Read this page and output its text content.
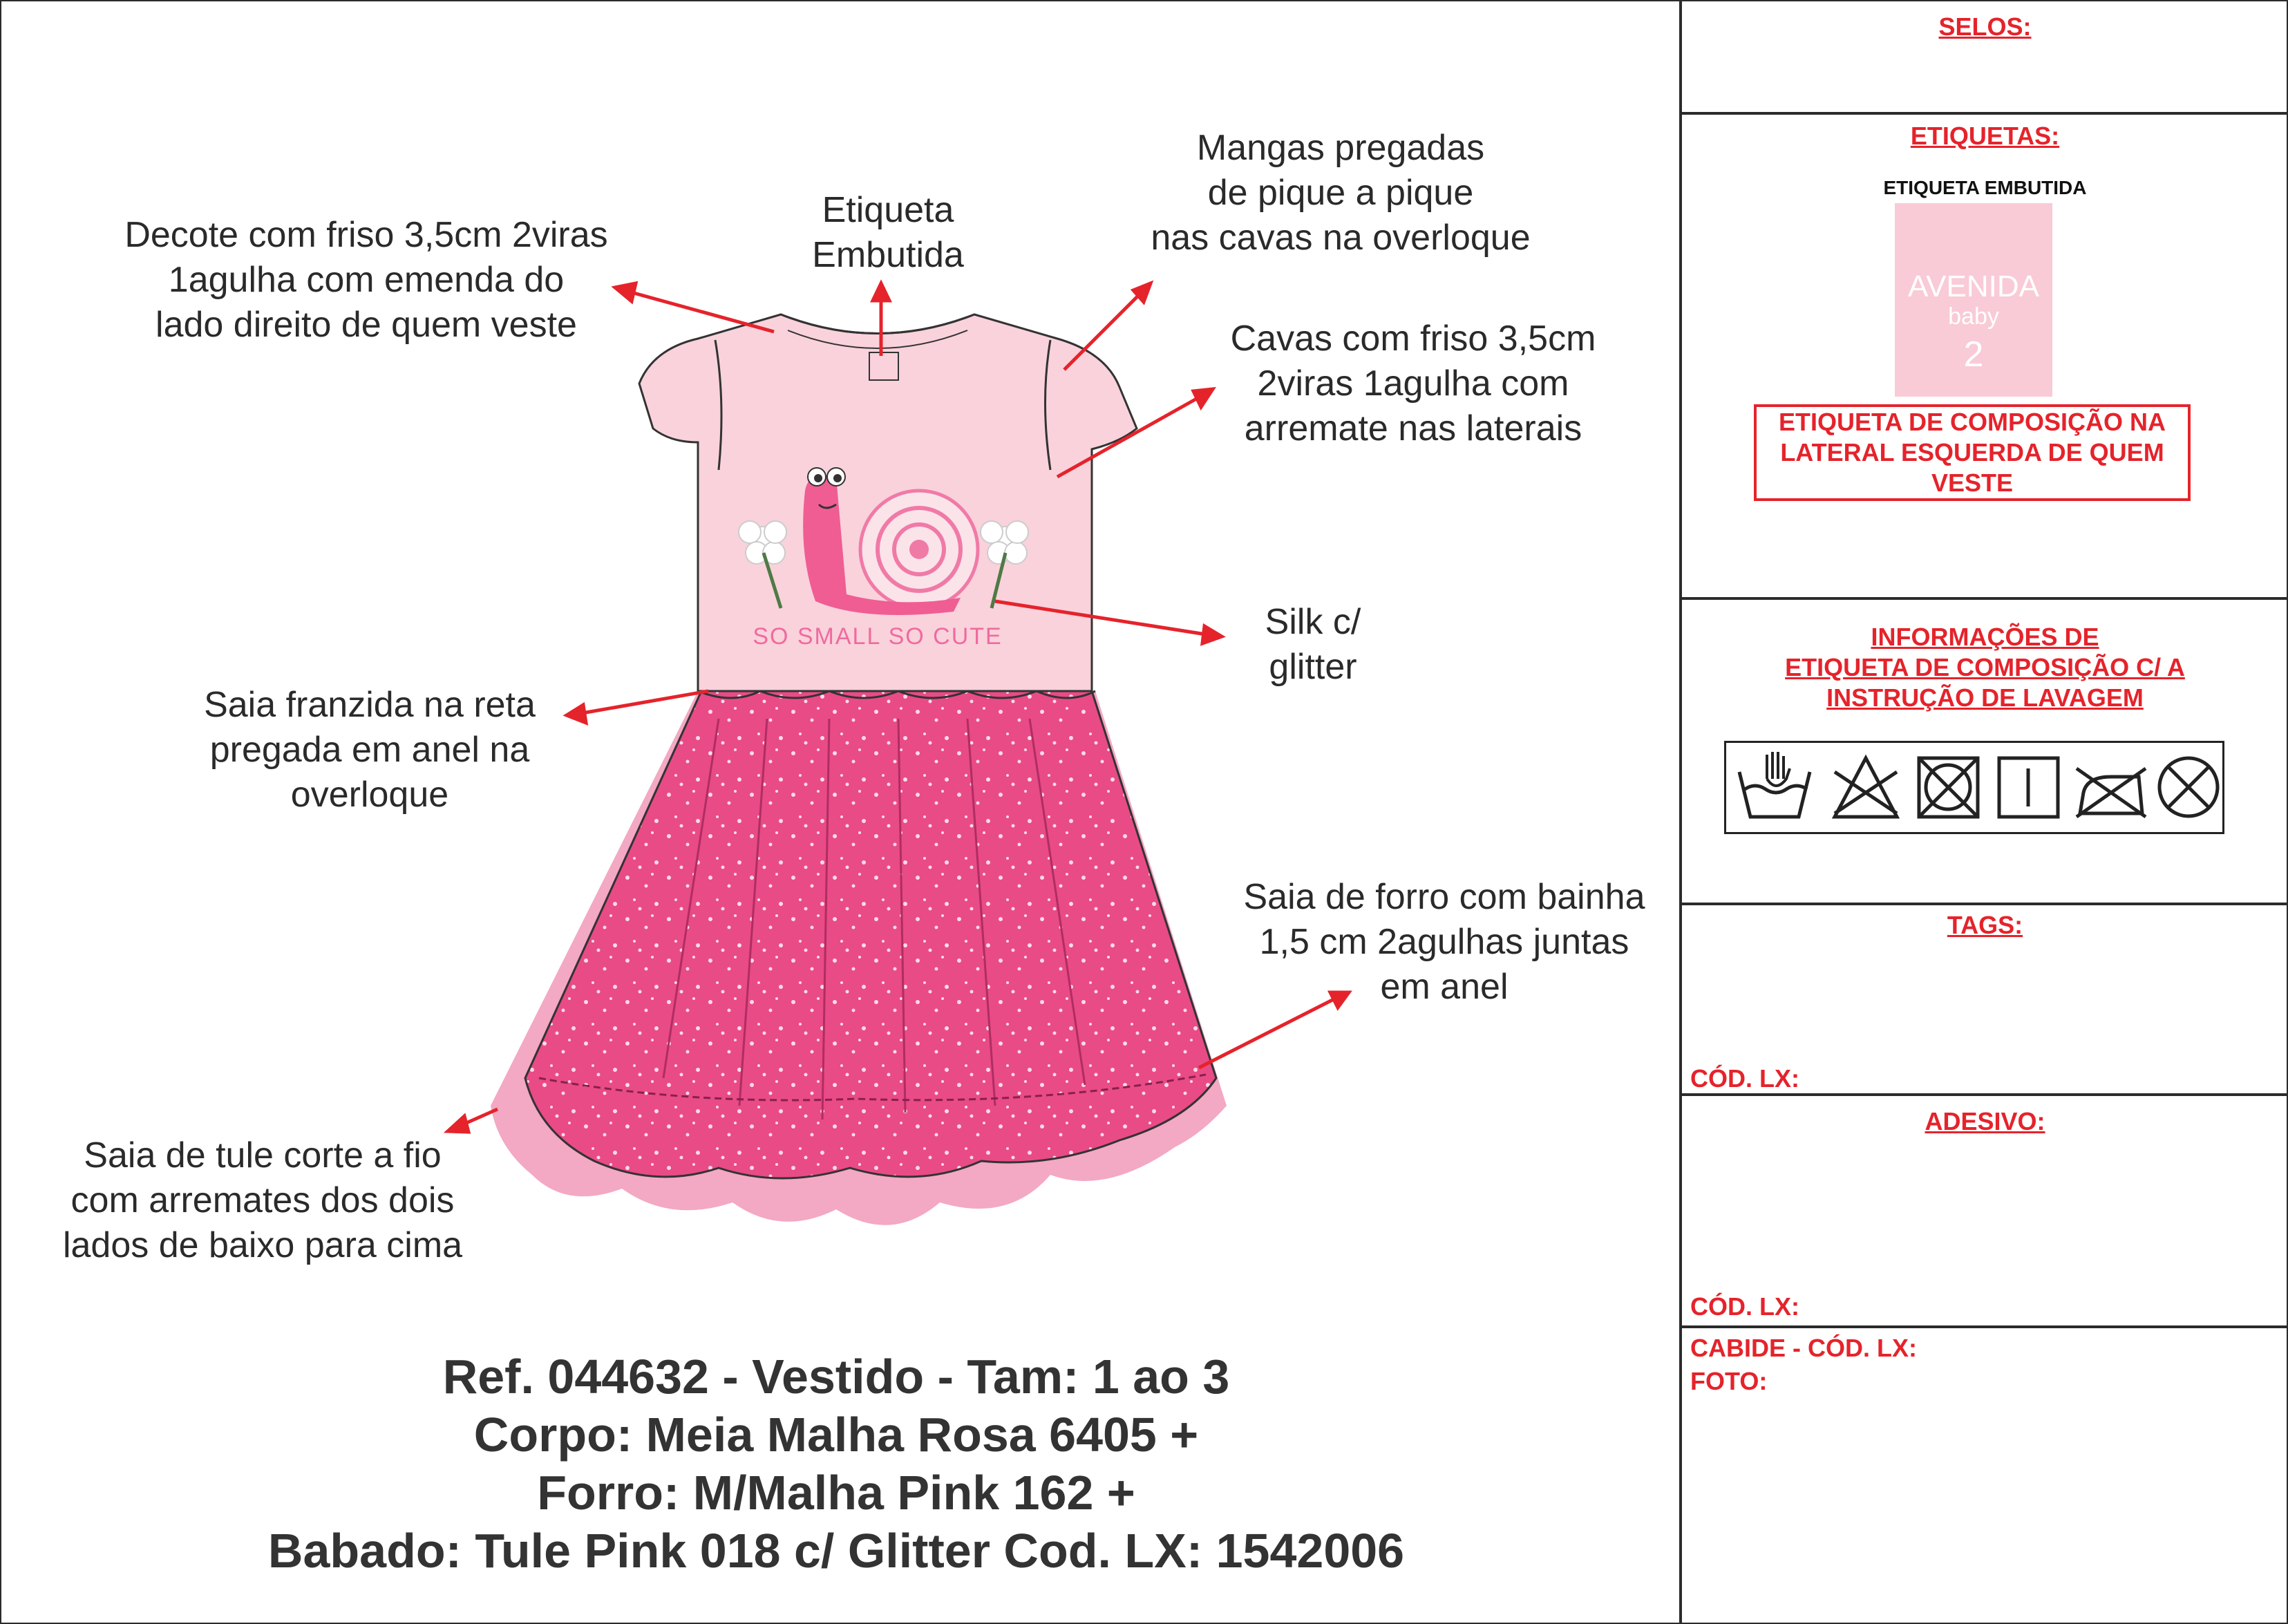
SO SMALL SO CUTE
Decote com friso 3,5cm 2viras
1agulha com emenda do
lado direito de quem veste
Etiqueta
Embutida
Mangas pregadas
de pique a pique
nas cavas na overloque
Cavas com friso 3,5cm
2viras 1agulha com
arremate nas laterais
Silk c/
glitter
Saia franzida na reta
pregada em anel na
overloque
Saia de forro com bainha
1,5 cm 2agulhas juntas
em anel
Saia de tule corte a fio
com arremates dos dois
lados de baixo para cima
Ref. 044632 - Vestido - Tam: 1 ao 3
Corpo: Meia Malha Rosa 6405 +
Forro: M/Malha Pink 162 +
Babado: Tule Pink 018 c/ Glitter Cod. LX: 1542006
SELOS:
ETIQUETAS:
ETIQUETA EMBUTIDA
AVENIDA
baby
2
ETIQUETA DE COMPOSIÇÃO NA
LATERAL ESQUERDA DE QUEM
VESTE
INFORMAÇÕES DE
ETIQUETA DE COMPOSIÇÃO C/ A
INSTRUÇÃO DE LAVAGEM
TAGS:
CÓD. LX:
ADESIVO:
CÓD. LX:
CABIDE - CÓD. LX:
FOTO:
